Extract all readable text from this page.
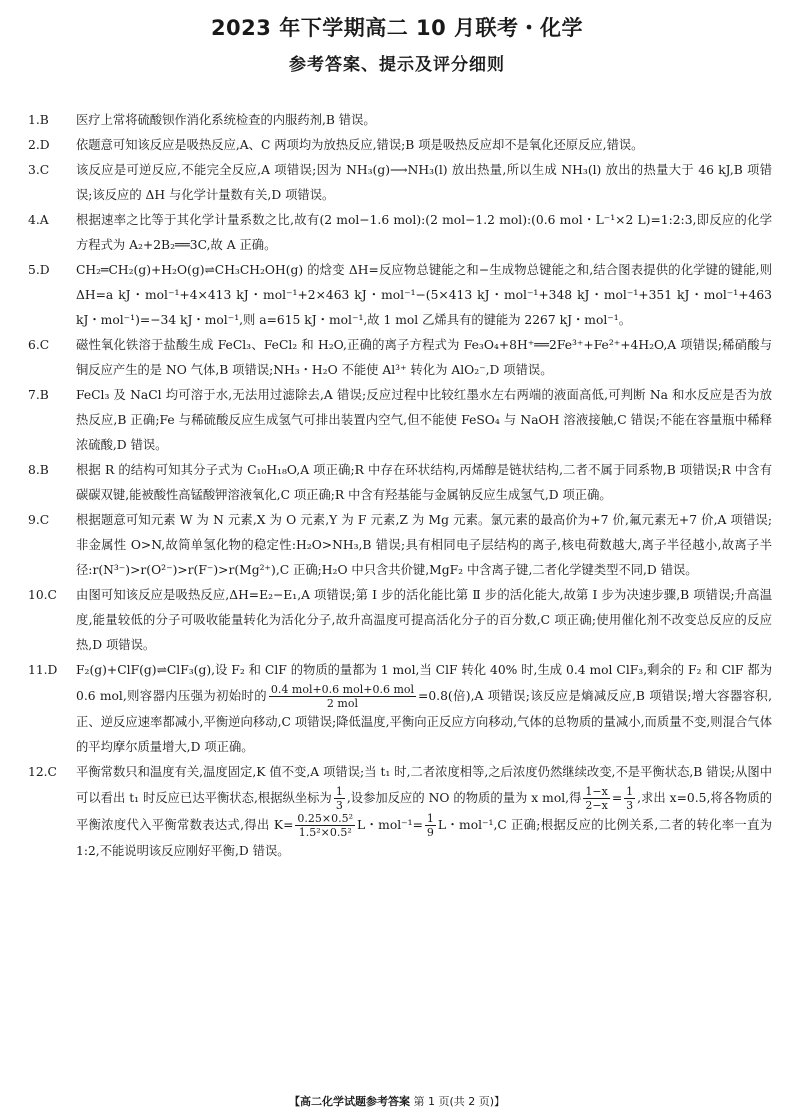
2023 年下学期高二 10 月联考・化学
参考答案、提示及评分细则
1.B	医疗上常将硫酸钡作消化系统检查的内服药剂,B 错误。
2.D	依题意可知该反应是吸热反应,A、C 两项均为放热反应,错误;B 项是吸热反应却不是氧化还原反应,错误。
3.C	该反应是可逆反应,不能完全反应,A 项错误;因为 NH₃(g)⟶NH₃(l) 放出热量,所以生成 NH₃(l) 放出的热量大于 46 kJ,B 项错误;该反应的 ΔH 与化学计量数有关,D 项错误。
4.A	根据速率之比等于其化学计量系数之比,故有(2 mol−1.6 mol):(2 mol−1.2 mol):(0.6 mol・L⁻¹×2 L)=1:2:3,即反应的化学方程式为 A₂+2B₂══3C,故 A 正确。
5.D	CH₂═CH₂(g)+H₂O(g)⇌CH₃CH₂OH(g) 的焓变 ΔH=反应物总键能之和−生成物总键能之和,结合图表提供的化学键的键能,则 ΔH=a kJ・mol⁻¹+4×413 kJ・mol⁻¹+2×463 kJ・mol⁻¹−(5×413 kJ・mol⁻¹+348 kJ・mol⁻¹+351 kJ・mol⁻¹+463 kJ・mol⁻¹)=−34 kJ・mol⁻¹,则 a=615 kJ・mol⁻¹,故 1 mol 乙烯具有的键能为 2267 kJ・mol⁻¹。
6.C	磁性氧化铁溶于盐酸生成 FeCl₃、FeCl₂ 和 H₂O,正确的离子方程式为 Fe₃O₄+8H⁺══2Fe³⁺+Fe²⁺+4H₂O,A 项错误;稀硝酸与铜反应产生的是 NO 气体,B 项错误;NH₃・H₂O 不能使 Al³⁺ 转化为 AlO₂⁻,D 项错误。
7.B	FeCl₃ 及 NaCl 均可溶于水,无法用过滤除去,A 错误;反应过程中比较红墨水左右两端的液面高低,可判断 Na 和水反应是否为放热反应,B 正确;Fe 与稀硫酸反应生成氢气可排出装置内空气,但不能使 FeSO₄ 与 NaOH 溶液接触,C 错误;不能在容量瓶中稀释浓硫酸,D 错误。
8.B	根据 R 的结构可知其分子式为 C₁₀H₁₈O,A 项正确;R 中存在环状结构,丙烯醇是链状结构,二者不属于同系物,B 项错误;R 中含有碳碳双键,能被酸性高锰酸钾溶液氧化,C 项正确;R 中含有羟基能与金属钠反应生成氢气,D 项正确。
9.C	根据题意可知元素 W 为 N 元素,X 为 O 元素,Y 为 F 元素,Z 为 Mg 元素。氯元素的最高价为+7 价,氟元素无+7 价,A 项错误;非金属性 O>N,故简单氢化物的稳定性:H₂O>NH₃,B 错误;具有相同电子层结构的离子,核电荷数越大,离子半径越小,故离子半径:r(N³⁻)>r(O²⁻)>r(F⁻)>r(Mg²⁺),C 正确;H₂O 中只含共价键,MgF₂ 中含离子键,二者化学键类型不同,D 错误。
10.C	由图可知该反应是吸热反应,ΔH=E₂−E₁,A 项错误;第 Ⅰ 步的活化能比第 Ⅱ 步的活化能大,故第 Ⅰ 步为决速步骤,B 项错误;升高温度,能量较低的分子可吸收能量转化为活化分子,故升高温度可提高活化分子的百分数,C 项正确;使用催化剂不改变总反应的反应热,D 项错误。
11.D	F₂(g)+ClF(g)⇌ClF₃(g),设 F₂ 和 ClF 的物质的量都为 1 mol,当 ClF 转化 40% 时,生成 0.4 mol ClF₃,剩余的 F₂ 和 ClF 都为 0.6 mol,则容器内压强为初始时的 $\frac{\text{0.4 mol+0.6 mol+0.6 mol}}{\text{2 mol}} =0.8$(倍),A 项错误;该反应是熵减反应,B 项错误;增大容器容积,正、逆反应速率都减小,平衡逆向移动,C 项错误;降低温度,平衡向正反应方向移动,气体的总物质的量减小,而质量不变,则混合气体的平均摩尔质量增大,D 项正确。
12.C	平衡常数只和温度有关,温度固定,K 值不变,A 项错误;当 t₁ 时,二者浓度相等,之后浓度仍然继续改变,不是平衡状态,B 错误;从图中可以看出 t₁ 时反应已达平衡状态,根据纵坐标为 $\frac{1}{3}$ ,设参加反应的 NO 的物质的量为 x mol,得 $\frac{1-x}{2-x} = \frac{1}{3}$ ,求出 x=0.5,将各物质的平衡浓度代入平衡常数表达式,得出 $K= \frac{\text{0.25×0.5²}}{\text{1.5²×0.5²}}$ L・$mol^{-1}= \frac{1}{9}$ L・mol⁻¹,C 正确;根据反应的比例关系,二者的转化率一直为 1:2,不能说明该反应刚好平衡,D 错误。
【高二化学试题参考答案 第 1 页(共 2 页)】
